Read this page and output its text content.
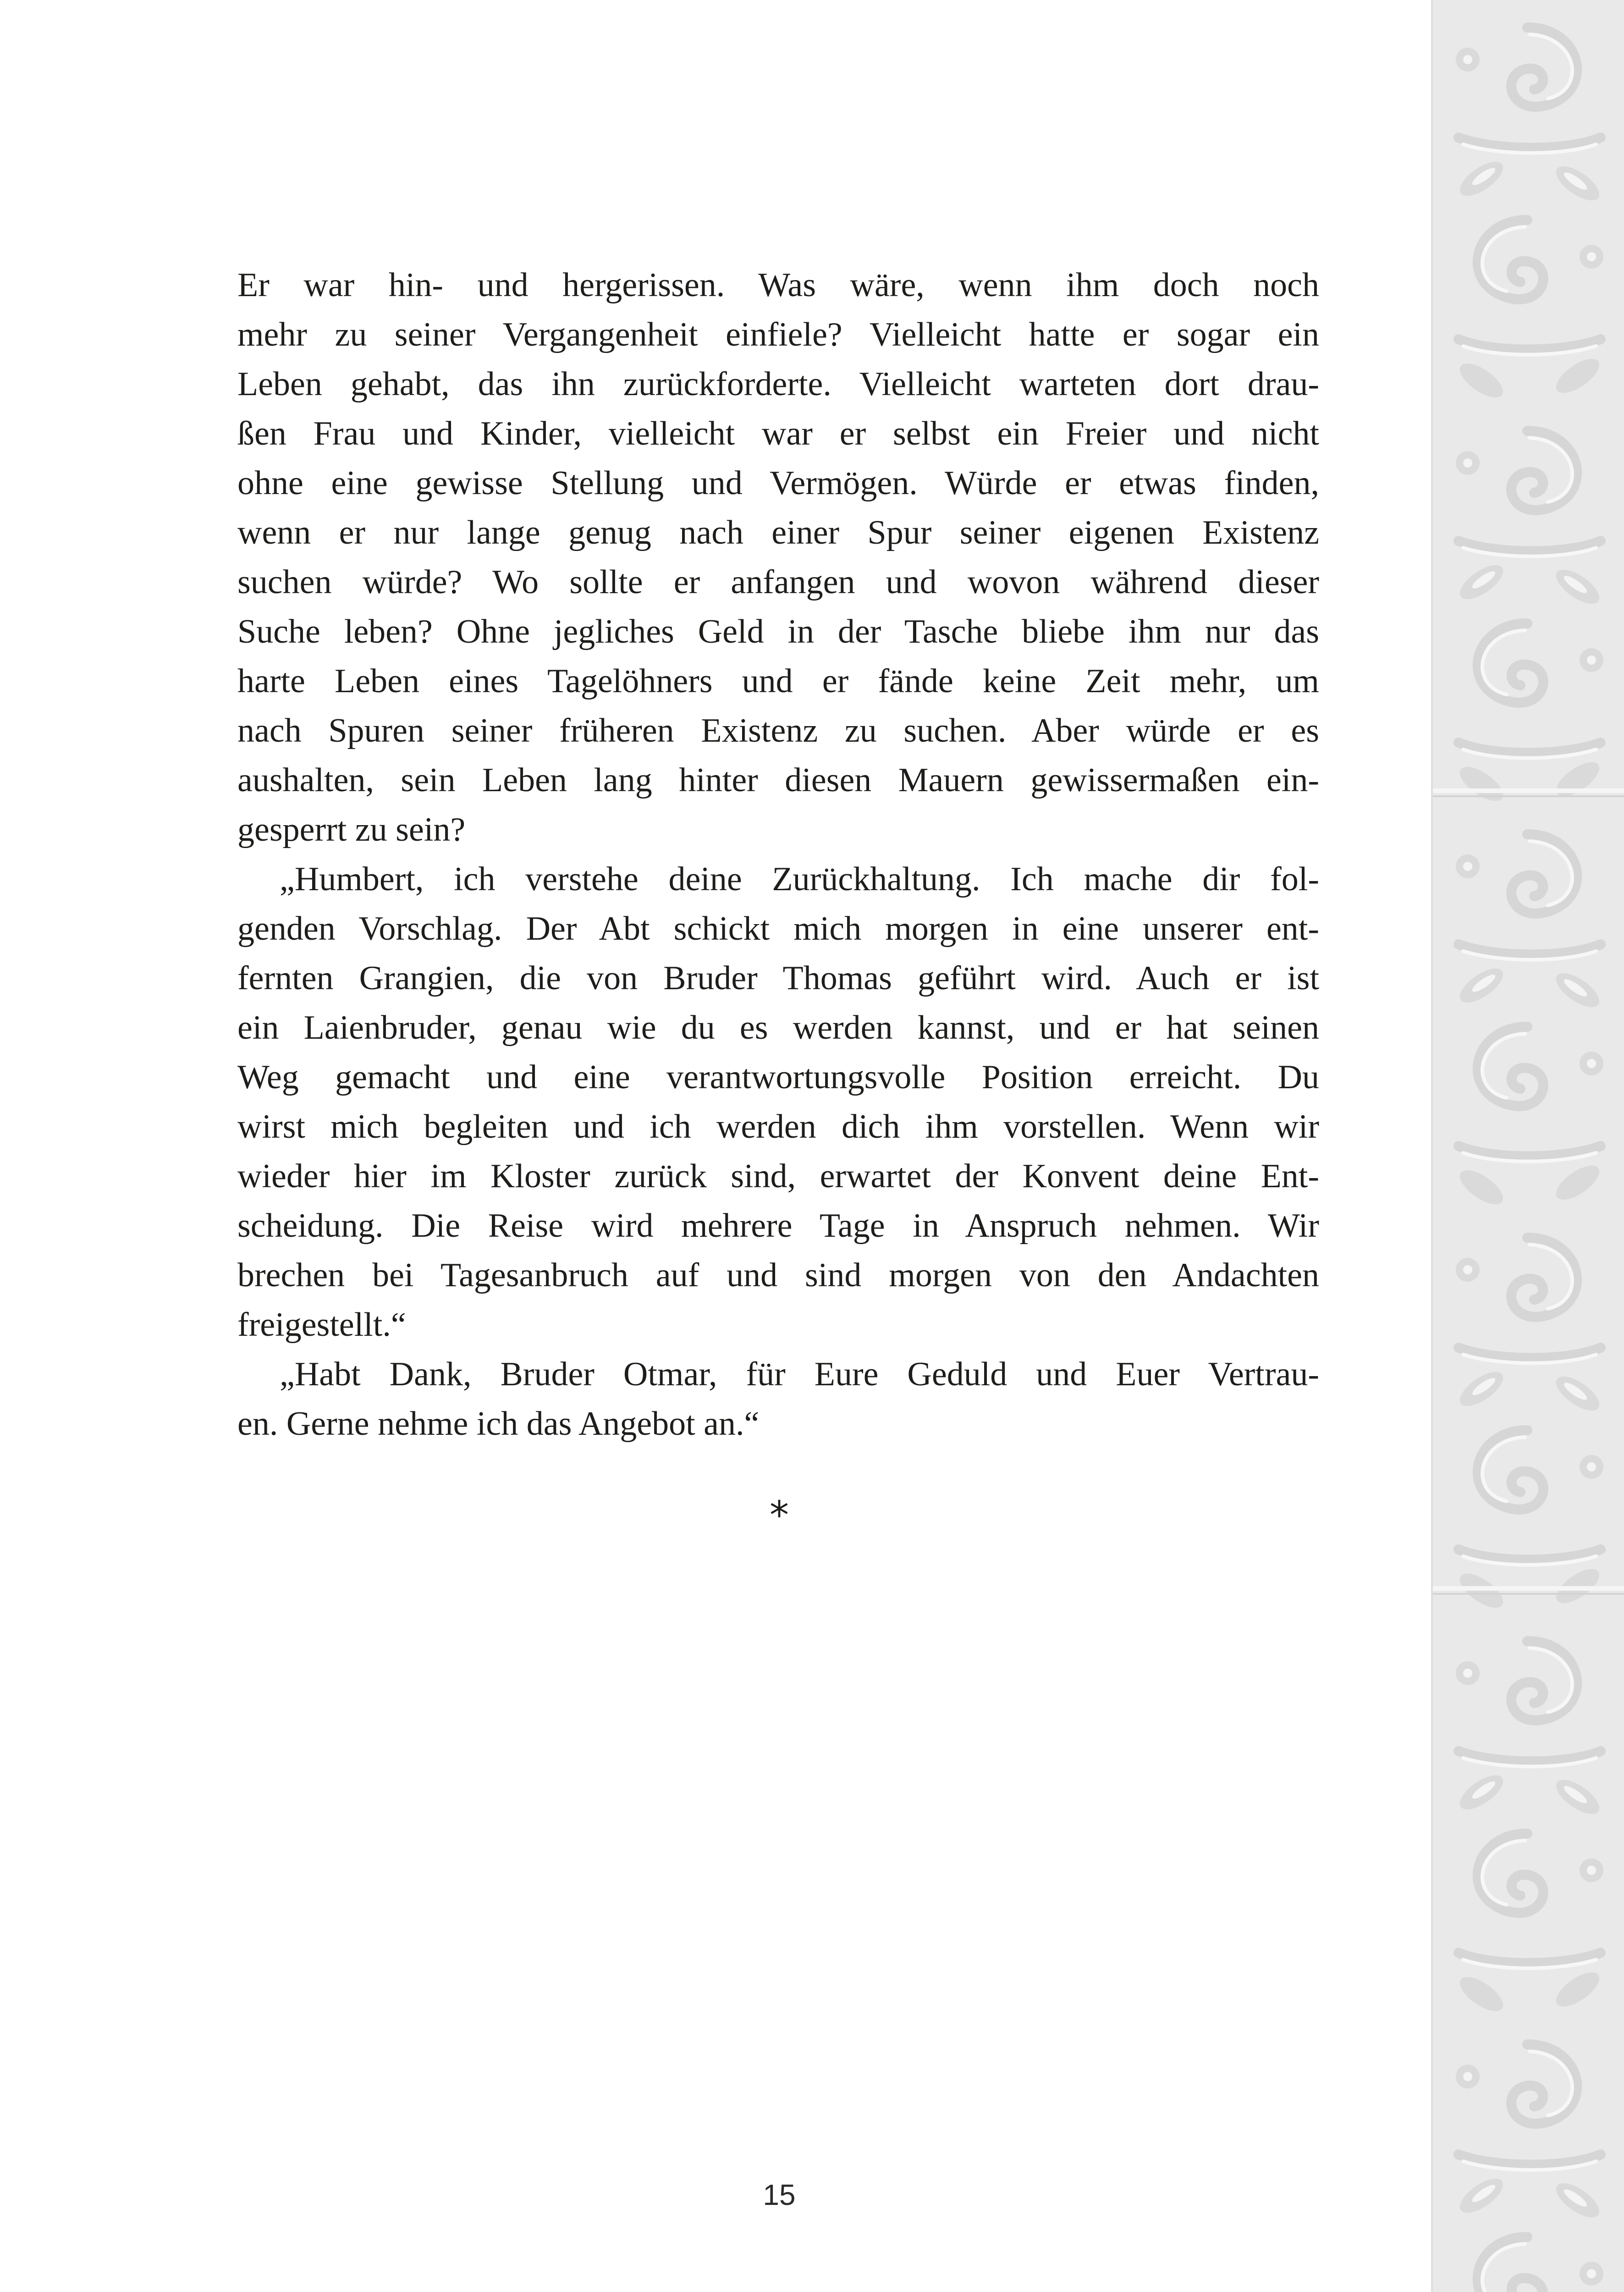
Er war hin- und hergerissen. Was wäre, wenn ihm doch noch
mehr zu seiner Vergangenheit einfiele? Vielleicht hatte er sogar ein
Leben gehabt, das ihn zurückforderte. Vielleicht warteten dort drau-
ßen Frau und Kinder, vielleicht war er selbst ein Freier und nicht
ohne eine gewisse Stellung und Vermögen. Würde er etwas finden,
wenn er nur lange genug nach einer Spur seiner eigenen Existenz
suchen würde? Wo sollte er anfangen und wovon während dieser
Suche leben? Ohne jegliches Geld in der Tasche bliebe ihm nur das
harte Leben eines Tagelöhners und er fände keine Zeit mehr, um
nach Spuren seiner früheren Existenz zu suchen. Aber würde er es
aushalten, sein Leben lang hinter diesen Mauern gewissermaßen ein-
gesperrt zu sein?
„Humbert, ich verstehe deine Zurückhaltung. Ich mache dir fol-
genden Vorschlag. Der Abt schickt mich morgen in eine unserer ent-
fernten Grangien, die von Bruder Thomas geführt wird. Auch er ist
ein Laienbruder, genau wie du es werden kannst, und er hat seinen
Weg gemacht und eine verantwortungsvolle Position erreicht. Du
wirst mich begleiten und ich werden dich ihm vorstellen. Wenn wir
wieder hier im Kloster zurück sind, erwartet der Konvent deine Ent-
scheidung. Die Reise wird mehrere Tage in Anspruch nehmen. Wir
brechen bei Tagesanbruch auf und sind morgen von den Andachten
freigestellt.“
„Habt Dank, Bruder Otmar, für Eure Geduld und Euer Vertrau-
en. Gerne nehme ich das Angebot an.“
*
15
